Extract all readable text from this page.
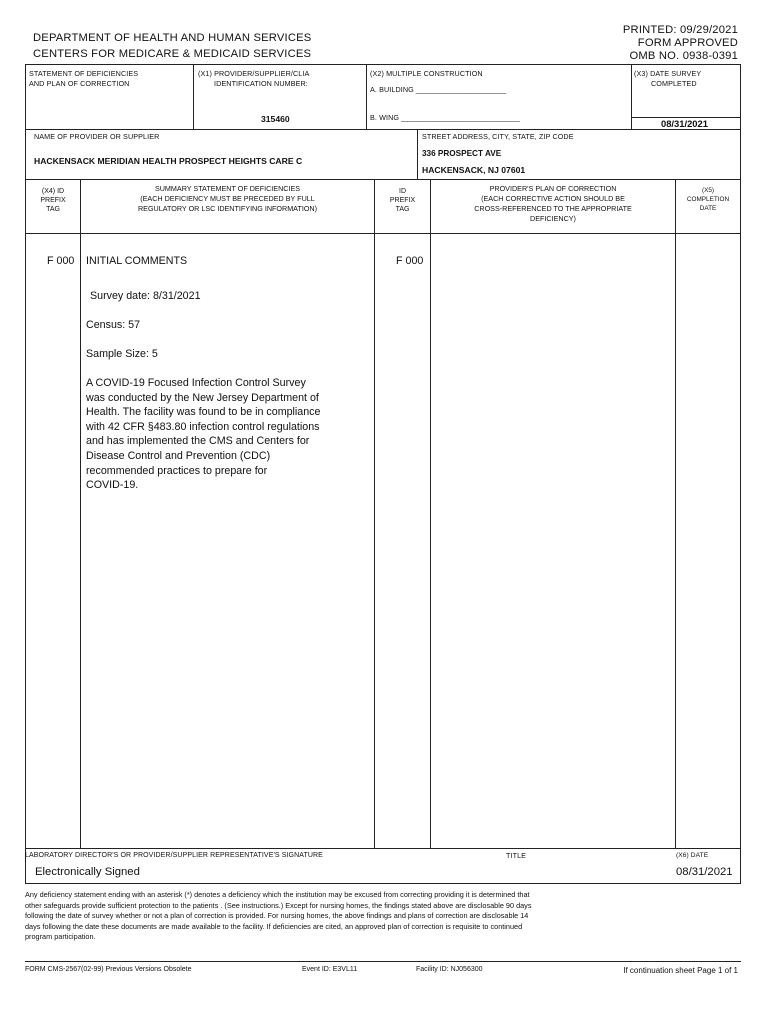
DEPARTMENT OF HEALTH AND HUMAN SERVICES
CENTERS FOR MEDICARE & MEDICAID SERVICES
PRINTED: 09/29/2021
FORM APPROVED
OMB NO. 0938-0391
STATEMENT OF DEFICIENCIES
AND PLAN OF CORRECTION
(X1) PROVIDER/SUPPLIER/CLIA
IDENTIFICATION NUMBER:
315460
(X2) MULTIPLE CONSTRUCTION
A. BUILDING ______________________
B. WING _____________________________
(X3) DATE SURVEY
COMPLETED
08/31/2021
NAME OF PROVIDER OR SUPPLIER
HACKENSACK MERIDIAN HEALTH PROSPECT HEIGHTS CARE C
STREET ADDRESS, CITY, STATE, ZIP CODE
336 PROSPECT AVE
HACKENSACK, NJ 07601
(X4) ID
PREFIX
TAG
SUMMARY STATEMENT OF DEFICIENCIES
(EACH DEFICIENCY MUST BE PRECEDED BY FULL
REGULATORY OR LSC IDENTIFYING INFORMATION)
ID
PREFIX
TAG
PROVIDER'S PLAN OF CORRECTION
(EACH CORRECTIVE ACTION SHOULD BE
CROSS-REFERENCED TO THE APPROPRIATE
DEFICIENCY)
(X5)
COMPLETION
DATE
F 000 INITIAL COMMENTS	F 000
Survey date: 8/31/2021
Census: 57
Sample Size: 5
A COVID-19 Focused Infection Control Survey
was conducted by the New Jersey Department of
Health. The facility was found to be in compliance
with 42 CFR §483.80 infection control regulations
and has implemented the CMS and Centers for
Disease Control and Prevention (CDC)
recommended practices to prepare for
COVID-19.
LABORATORY DIRECTOR'S OR PROVIDER/SUPPLIER REPRESENTATIVE'S SIGNATURE	TITLE	(X6) DATE
Electronically Signed	08/31/2021
Any deficiency statement ending with an asterisk (*) denotes a deficiency which the institution may be excused from correcting providing it is determined that
other safeguards provide sufficient protection to the patients . (See instructions.) Except for nursing homes, the findings stated above are disclosable 90 days
following the date of survey whether or not a plan of correction is provided. For nursing homes, the above findings and plans of correction are disclosable 14
days following the date these documents are made available to the facility. If deficiencies are cited, an approved plan of correction is requisite to continued
program participation.
FORM CMS-2567(02-99) Previous Versions Obsolete	Event ID: E3VL11	Facility ID: NJ056300	If continuation sheet Page 1 of 1
